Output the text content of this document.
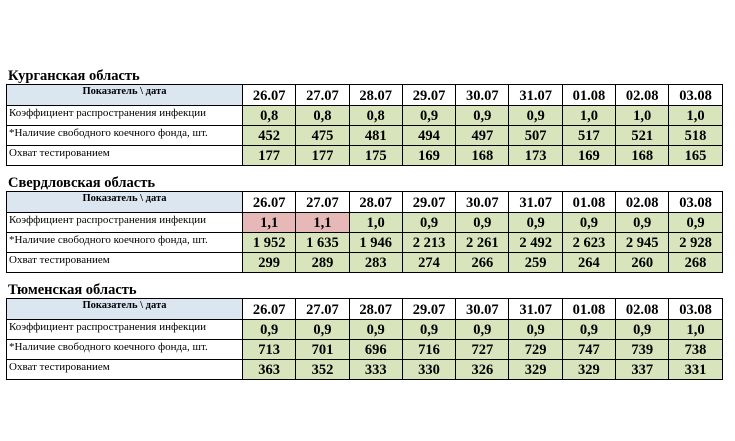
Курганская область
Показатель \ дата	26.07	27.07	28.07	29.07	30.07	31.07	01.08	02.08	03.08
Коэффициент распространения инфекции	0,8	0,8	0,8	0,9	0,9	0,9	1,0	1,0	1,0
*Наличие свободного коечного фонда, шт.	452	475	481	494	497	507	517	521	518
Охват тестированием	177	177	175	169	168	173	169	168	165
Свердловская область
Показатель \ дата	26.07	27.07	28.07	29.07	30.07	31.07	01.08	02.08	03.08
Коэффициент распространения инфекции	1,1	1,1	1,0	0,9	0,9	0,9	0,9	0,9	0,9
*Наличие свободного коечного фонда, шт.	1 952	1 635	1 946	2 213	2 261	2 492	2 623	2 945	2 928
Охват тестированием	299	289	283	274	266	259	264	260	268
Тюменская область
Показатель \ дата	26.07	27.07	28.07	29.07	30.07	31.07	01.08	02.08	03.08
Коэффициент распространения инфекции	0,9	0,9	0,9	0,9	0,9	0,9	0,9	0,9	1,0
*Наличие свободного коечного фонда, шт.	713	701	696	716	727	729	747	739	738
Охват тестированием	363	352	333	330	326	329	329	337	331
